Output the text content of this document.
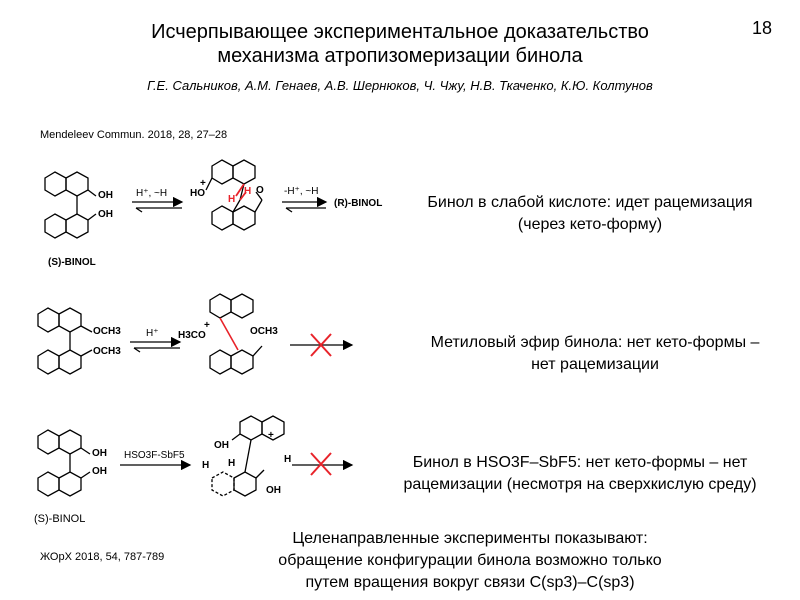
Исчерпывающее экспериментальное доказательство
механизма атропизомеризации бинола
18
Г.Е. Сальников, А.М. Генаев, А.В. Шернюков, Ч. Чжу, Н.В. Ткаченко, К.Ю. Колтунов
Mendeleev Commun. 2018, 28, 27–28
OH
OH
(S)-BINOL
H⁺, ~H HO
+
H
H O -H⁺, ~H
(R)-BINOL	Бинол в слабой кислоте: идет рацемизация
(через кето-форму)
OCH3
OCH3
H⁺ H3CO
+
OCH3
Метиловый эфир бинола: нет кето-формы –
нет рацемизации
OH
OH
(S)-BINOL
HSO3F-SbF5
OH
OH
H H	H
+
Бинол в HSO3F–SbF5: нет кето-формы – нет
рацемизации (несмотря на сверхкислую среду)
Целенаправленные эксперименты показывают:
обращение конфигурации бинола возможно только
путем вращения вокруг связи C(sp3)–C(sp3)
ЖОрХ 2018, 54, 787-789
